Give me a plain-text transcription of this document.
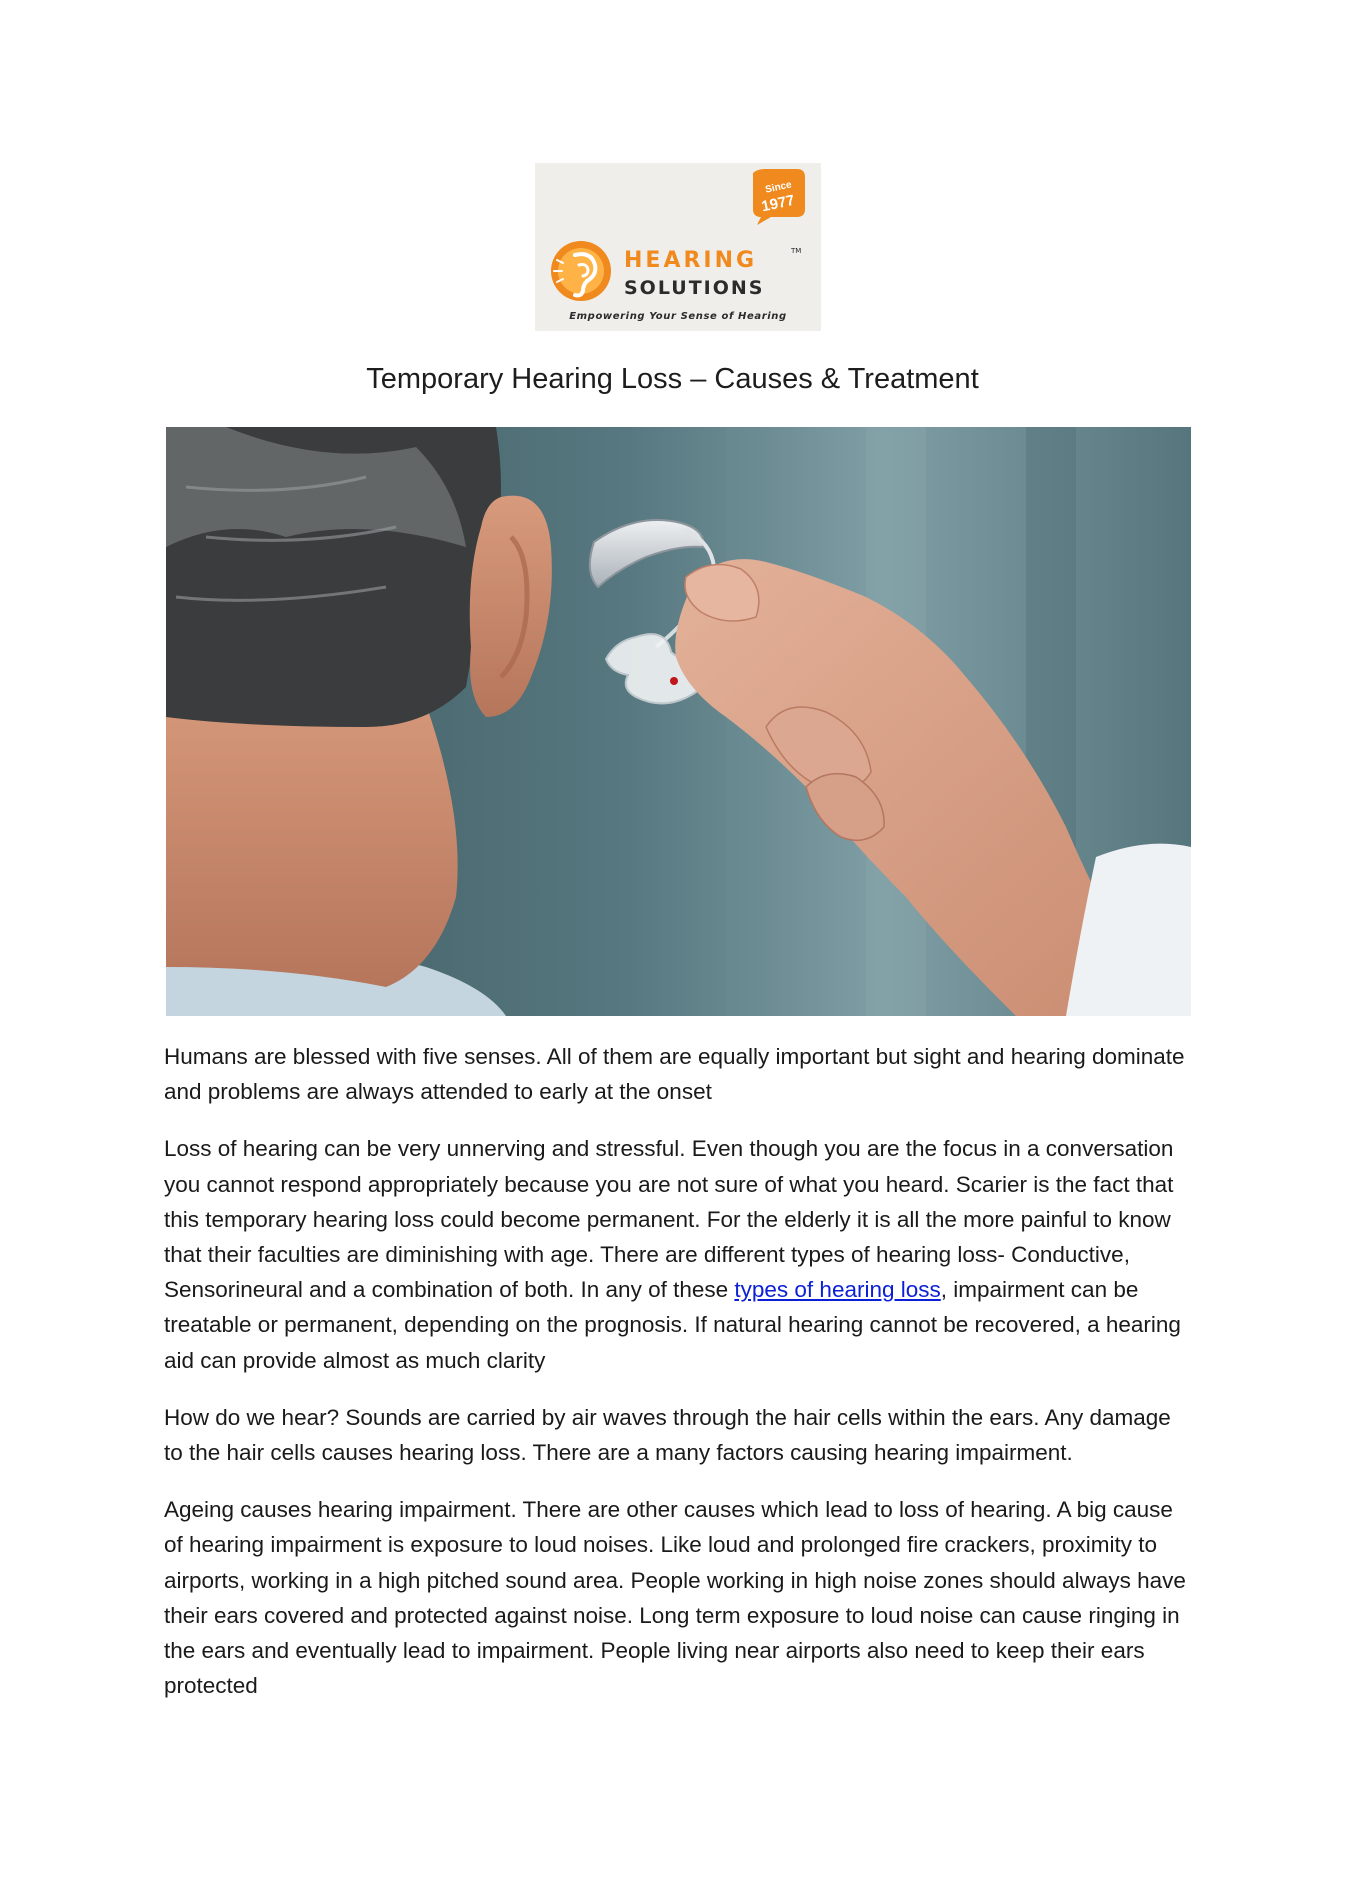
Since
1977
HEARING	TM
SOLUTIONS
Empowering Your Sense of Hearing
Temporary Hearing Loss – Causes & Treatment

Humans are blessed with five senses. All of them are equally important but sight and hearing dominate and problems are always attended to early at the onset

Loss of hearing can be very unnerving and stressful. Even though you are the focus in a conversation you cannot respond appropriately because you are not sure of what you heard. Scarier is the fact that this temporary hearing loss could become permanent. For the elderly it is all the more painful to know that their faculties are diminishing with age. There are different types of hearing loss- Conductive, Sensorineural and a combination of both. In any of these types of hearing loss, impairment can be treatable or permanent, depending on the prognosis. If natural hearing cannot be recovered, a hearing aid can provide almost as much clarity

How do we hear? Sounds are carried by air waves through the hair cells within the ears. Any damage to the hair cells causes hearing loss. There are a many factors causing hearing impairment.

Ageing causes hearing impairment. There are other causes which lead to loss of hearing. A big cause of hearing impairment is exposure to loud noises. Like loud and prolonged fire crackers, proximity to airports, working in a high pitched sound area. People working in high noise zones should always have their ears covered and protected against noise. Long term exposure to loud noise can cause ringing in the ears and eventually lead to impairment. People living near airports also need to keep their ears protected
